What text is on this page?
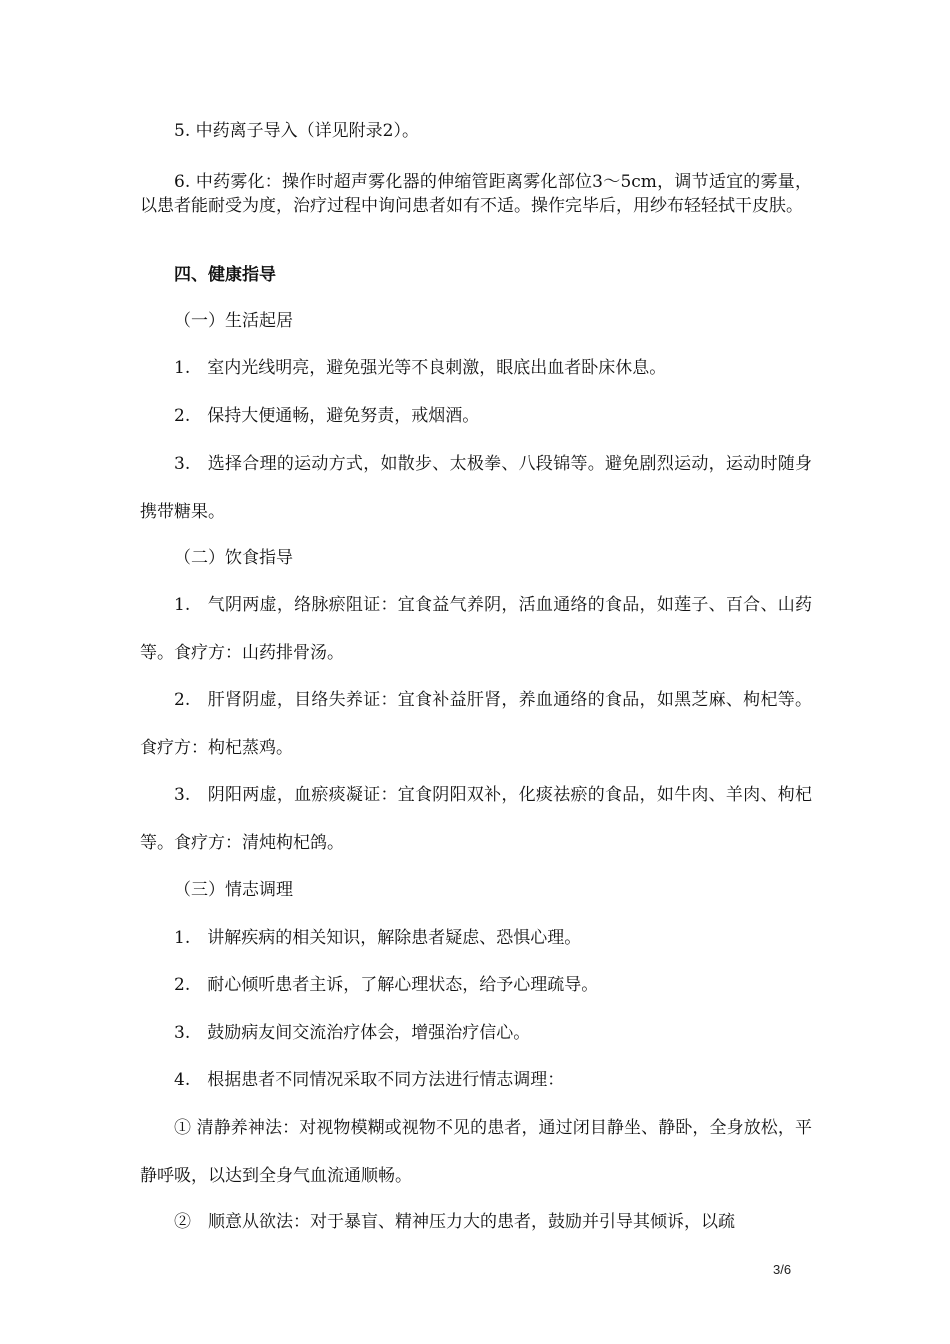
5. 中药离子导入（详见附录2）。

6. 中药雾化：操作时超声雾化器的伸缩管距离雾化部位3～5cm，调节适宜的雾量，以患者能耐受为度，治疗过程中询问患者如有不适。操作完毕后，用纱布轻轻拭干皮肤。

四、健康指导

（一）生活起居

1.　室内光线明亮，避免强光等不良刺激，眼底出血者卧床休息。

2.　保持大便通畅，避免努责，戒烟酒。

3.　选择合理的运动方式，如散步、太极拳、八段锦等。避免剧烈运动，运动时随身携带糖果。

（二）饮食指导

1.　气阴两虚，络脉瘀阻证：宜食益气养阴，活血通络的食品，如莲子、百合、山药等。食疗方：山药排骨汤。

2.　肝肾阴虚，目络失养证：宜食补益肝肾，养血通络的食品，如黑芝麻、枸杞等。食疗方：枸杞蒸鸡。

3.　阴阳两虚，血瘀痰凝证：宜食阴阳双补，化痰祛瘀的食品，如牛肉、羊肉、枸杞等。食疗方：清炖枸杞鸽。

（三）情志调理

1.　讲解疾病的相关知识，解除患者疑虑、恐惧心理。

2.　耐心倾听患者主诉，了解心理状态，给予心理疏导。

3.　鼓励病友间交流治疗体会，增强治疗信心。

4.　根据患者不同情况采取不同方法进行情志调理：

① 清静养神法：对视物模糊或视物不见的患者，通过闭目静坐、静卧，全身放松，平静呼吸，以达到全身气血流通顺畅。

②　顺意从欲法：对于暴盲、精神压力大的患者，鼓励并引导其倾诉，以疏

3/6
